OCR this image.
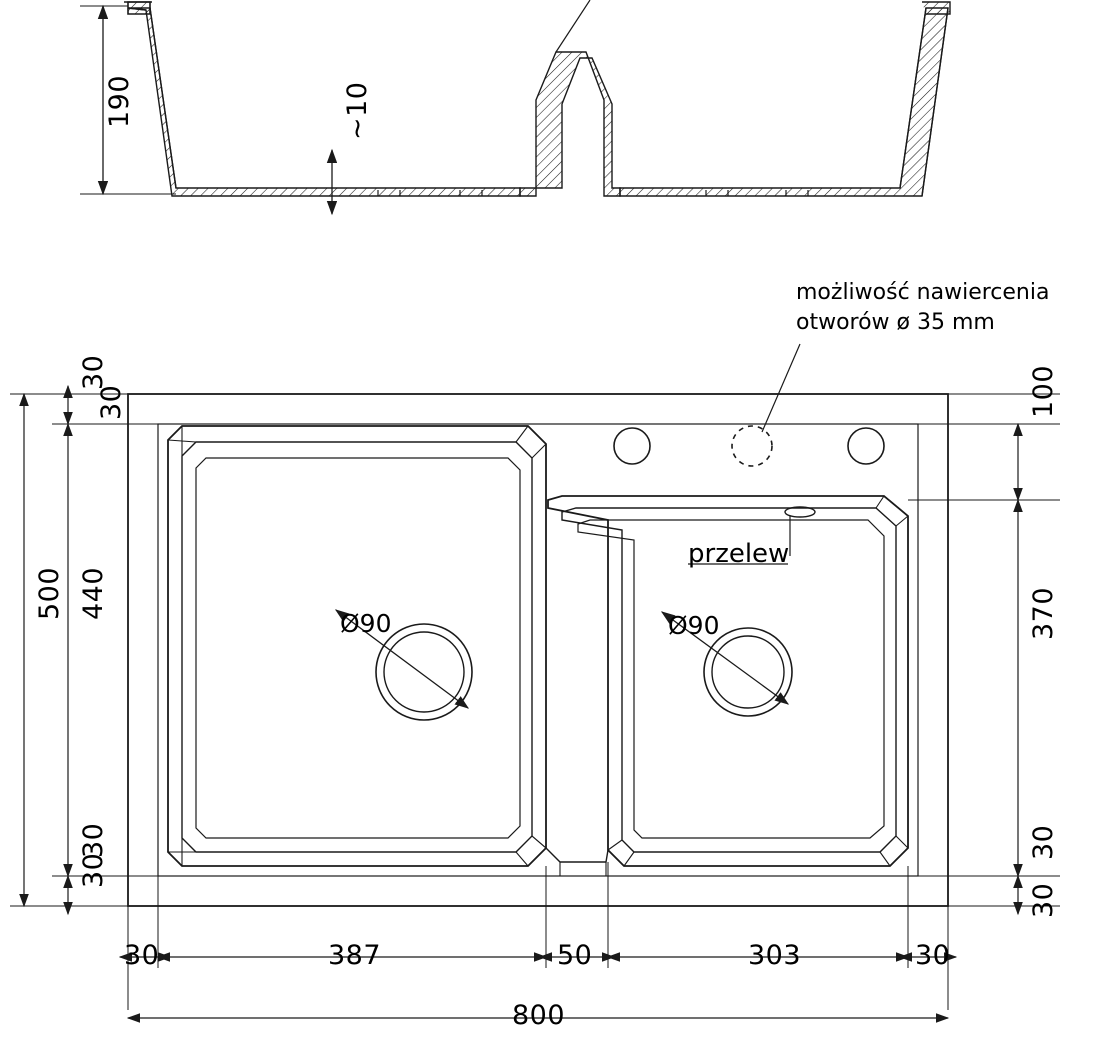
190	~10
możliwość nawiercenia
otworów ø 35 mm
500 440
30
30
30
30
100
370
30
30
Ø90	Ø90
przelew
30	387	50	303	30
800
